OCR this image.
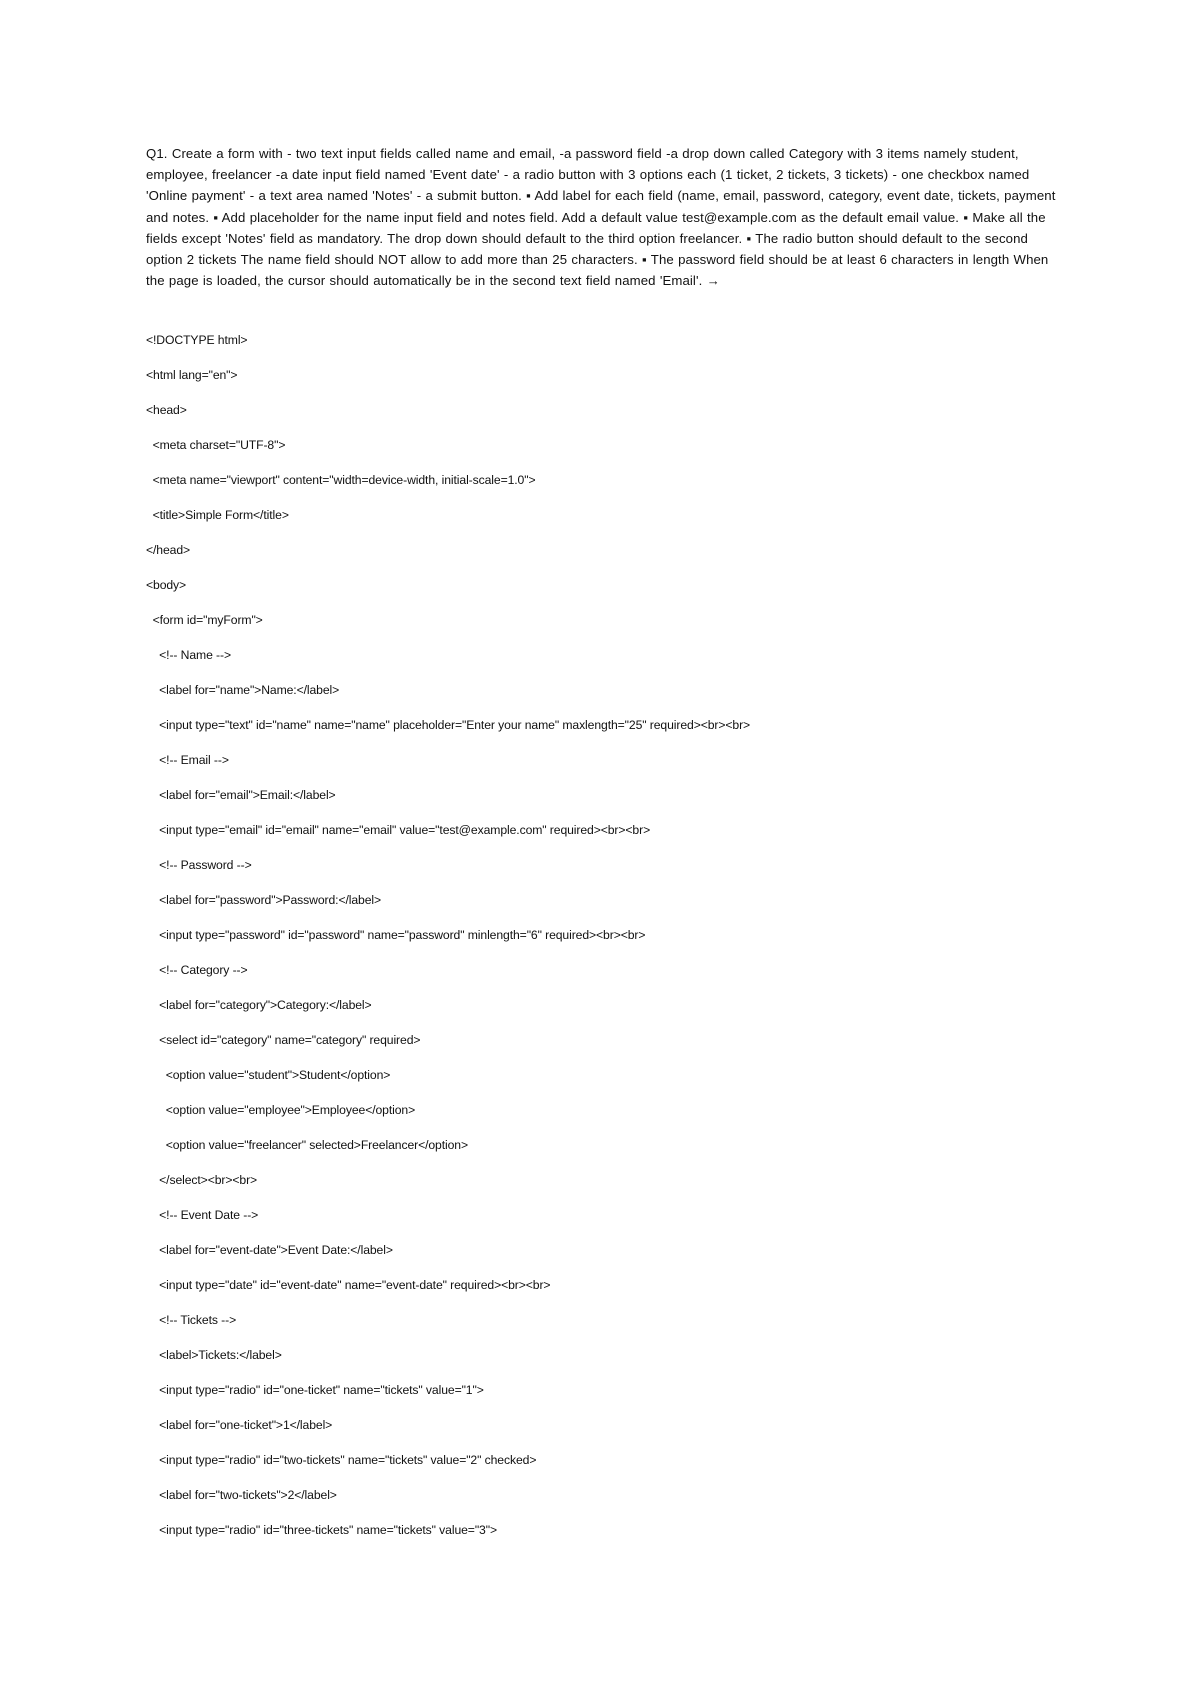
Q1. Create a form with - two text input fields called name and email, -a password field -a drop down called Category with 3 items namely student, employee, freelancer -a date input field named 'Event date' - a radio button with 3 options each (1 ticket, 2 tickets, 3 tickets) - one checkbox named 'Online payment' - a text area named 'Notes' - a submit button. ▪ Add label for each field (name, email, password, category, event date, tickets, payment and notes. ▪ Add placeholder for the name input field and notes field. Add a default value test@example.com as the default email value. ▪ Make all the fields except 'Notes' field as mandatory. The drop down should default to the third option freelancer. ▪ The radio button should default to the second option 2 tickets The name field should NOT allow to add more than 25 characters. ▪ The password field should be at least 6 characters in length When the page is loaded, the cursor should automatically be in the second text field named 'Email'. →
<!DOCTYPE html>
<html lang="en">
<head>
<meta charset="UTF-8">
<meta name="viewport" content="width=device-width, initial-scale=1.0">
<title>Simple Form</title>
</head>
<body>
<form id="myForm">
<!-- Name -->
<label for="name">Name:</label>
<input type="text" id="name" name="name" placeholder="Enter your name" maxlength="25" required><br><br>
<!-- Email -->
<label for="email">Email:</label>
<input type="email" id="email" name="email" value="test@example.com" required><br><br>
<!-- Password -->
<label for="password">Password:</label>
<input type="password" id="password" name="password" minlength="6" required><br><br>
<!-- Category -->
<label for="category">Category:</label>
<select id="category" name="category" required>
<option value="student">Student</option>
<option value="employee">Employee</option>
<option value="freelancer" selected>Freelancer</option>
</select><br><br>
<!-- Event Date -->
<label for="event-date">Event Date:</label>
<input type="date" id="event-date" name="event-date" required><br><br>
<!-- Tickets -->
<label>Tickets:</label>
<input type="radio" id="one-ticket" name="tickets" value="1">
<label for="one-ticket">1</label>
<input type="radio" id="two-tickets" name="tickets" value="2" checked>
<label for="two-tickets">2</label>
<input type="radio" id="three-tickets" name="tickets" value="3">
